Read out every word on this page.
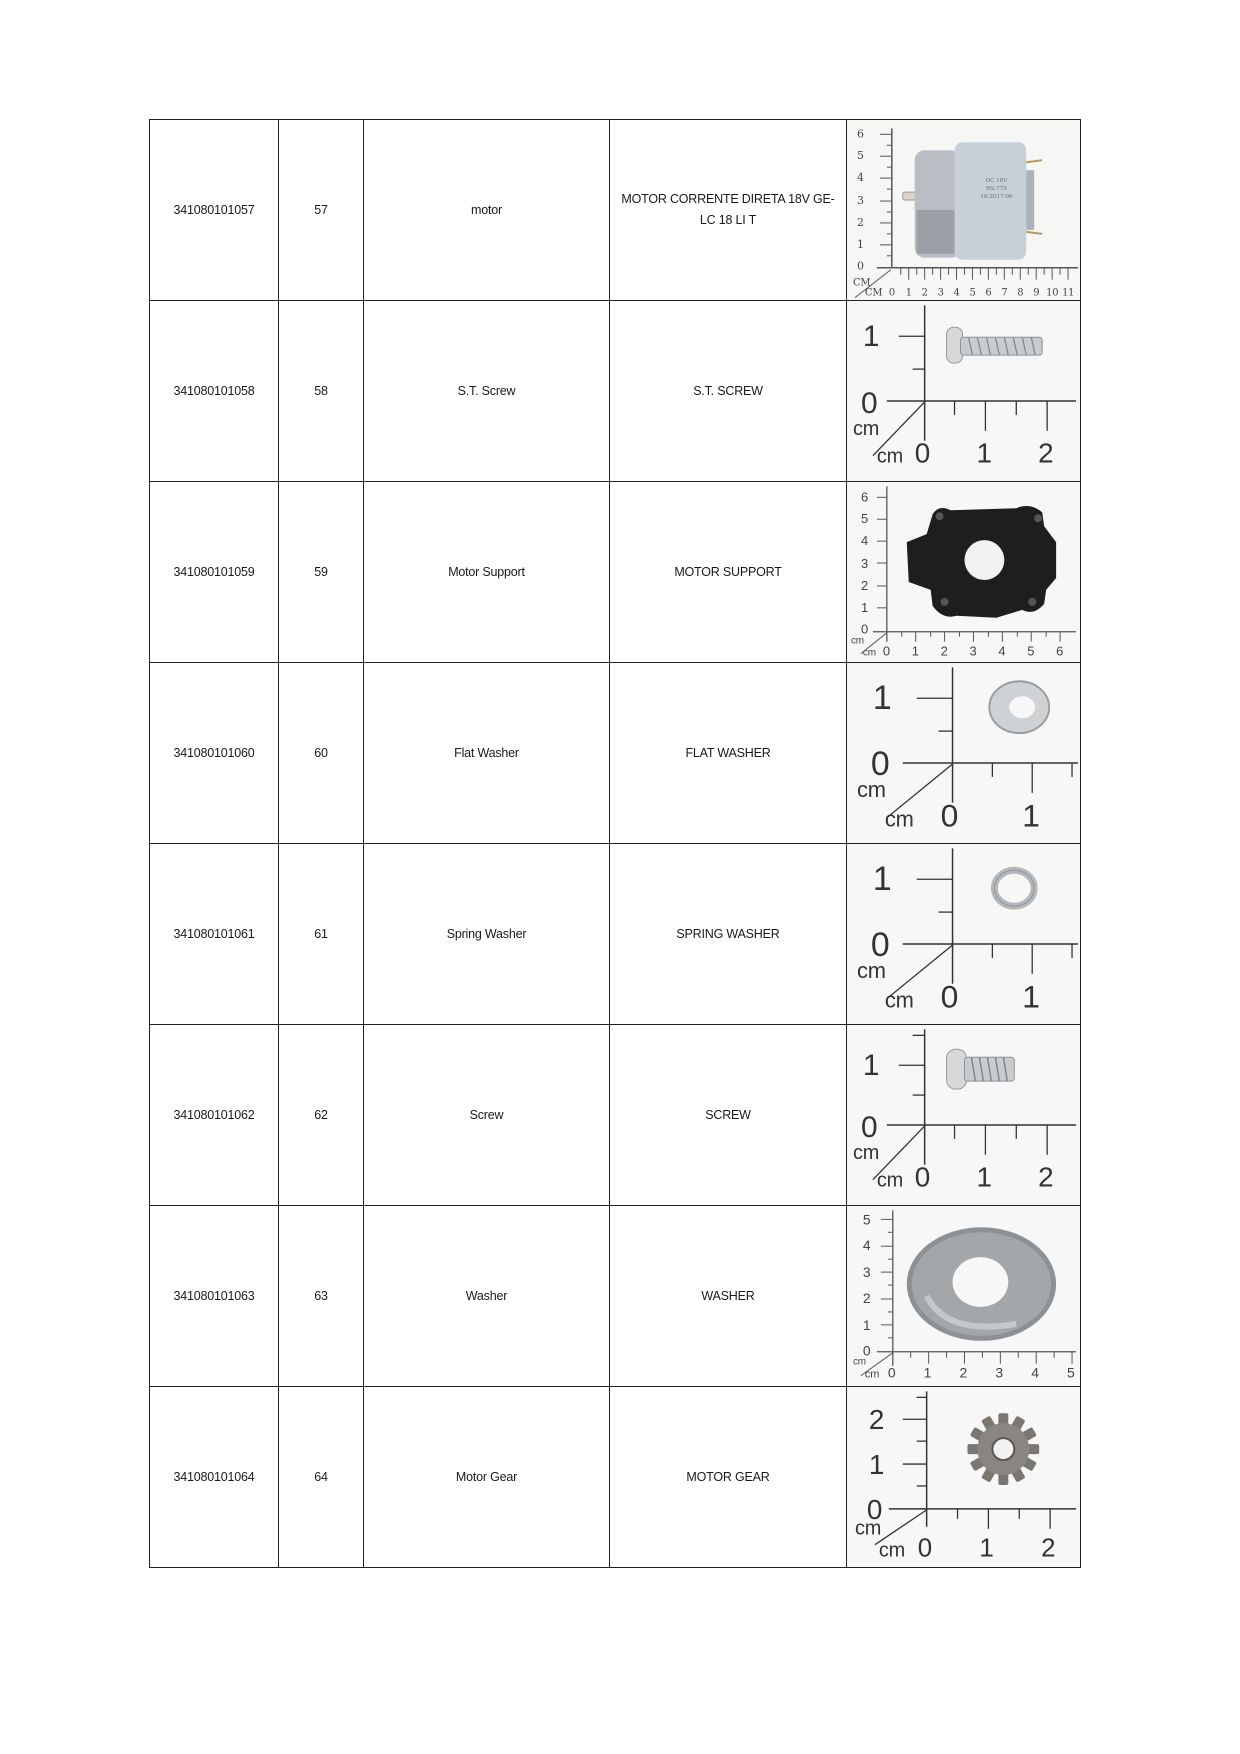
341080101057	57	motor	MOTOR CORRENTE DIRETA 18V GE-LC 18 LI T	
0
1
2
3
4
5
6
CM
CM 0 1 2 3 4 5 6 7 8 9 10 11
DC 18V
RS-775
18-2017.06

341080101058	58	S.T. Screw	S.T. SCREW	
1
0
cm
cm 0 1 2

341080101059	59	Motor Support	MOTOR SUPPORT	
0
1
2
3
4
5
6
cm
cm 0 1 2 3 4 5 6

341080101060	60	Flat Washer	FLAT WASHER	
1
0
cm
cm 0 1

341080101061	61	Spring Washer	SPRING WASHER	
1
0
cm
cm 0 1

341080101062	62	Screw	SCREW	
1
0
cm
cm 0 1 2

341080101063	63	Washer	WASHER	
0
1
2
3
4
5
cm
cm 0 1 2 3 4 5

341080101064	64	Motor Gear	MOTOR GEAR	
2
1
0
cm
cm 0 1 2
